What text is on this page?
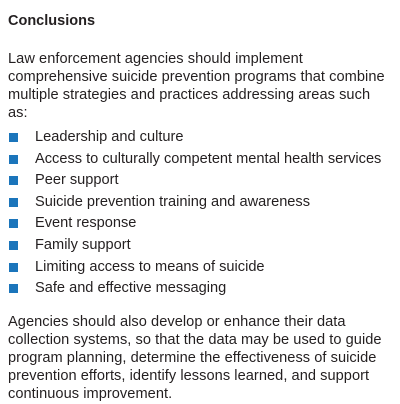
Conclusions

Law enforcement agencies should implement comprehensive suicide prevention programs that combine multiple strategies and practices addressing areas such as:

Leadership and culture
Access to culturally competent mental health services
Peer support
Suicide prevention training and awareness
Event response
Family support
Limiting access to means of suicide
Safe and effective messaging

Agencies should also develop or enhance their data collection systems, so that the data may be used to guide program planning, determine the effectiveness of suicide prevention efforts, identify lessons learned, and support continuous improvement.
